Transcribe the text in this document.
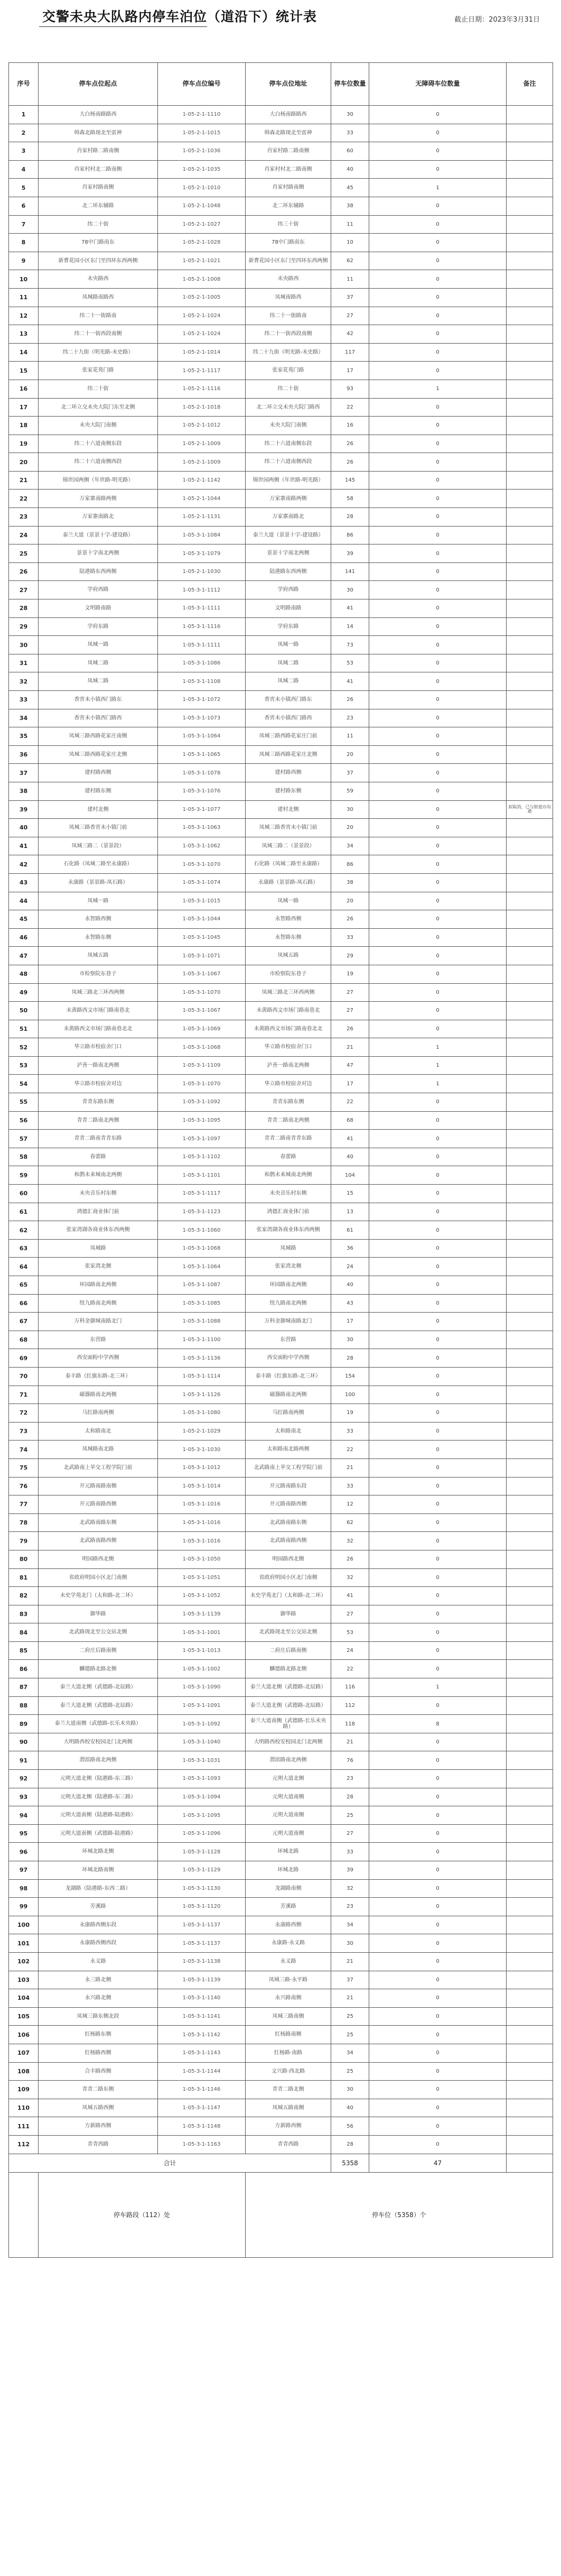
交警未央大队路内停车泊位（道沿下）统计表	截止日期：2023年3月31日
序号	停车点位起点	停车点位编号	停车点位地址	停车位数量	无障碍车位数量	备注
1	大白杨南路路西	1-05-2-1-1110	大白杨南路路西	30	0	
2	韩森北路现北至雷神	1-05-2-1-1015	韩森北路现北至雷神	33	0	
3	肖家村路二路南侧	1-05-2-1-1036	肖家村路二路南侧	60	0	
4	肖家村村北二路南侧	1-05-2-1-1035	肖家村村北二路南侧	40	0	
5	肖家村路南侧	1-05-2-1-1010	肖家村路南侧	45	1	
6	北二环东辅路	1-05-2-1-1048	北二环东辅路	38	0	
7	纬二十街	1-05-2-1-1027	纬三十街	11	0	
8	78中门路南东	1-05-2-1-1028	78中门路南东	10	0	
9	新曹花园小区东门至四环东西两侧	1-05-2-1-1021	新曹花园小区东门至四环东西两侧	62	0	
10	未央路西	1-05-2-1-1008	未央路西	11	0	
11	凤城路南路西	1-05-2-1-1005	凤城南路西	37	0	
12	纬二十一街路南	1-05-2-1-1024	纬二十一街路南	27	0	
13	纬二十一街西段南侧	1-05-2-1-1024	纬二十一街西段南侧	42	0	
14	纬二十九街（明光路-未史路）	1-05-2-1-1014	纬二十九街（明光路-未史路）	117	0	
15	张家花苑门路	1-05-2-1-1117	张家花苑门路	17	0	
16	纬二十街	1-05-2-1-1116	纬二十街	93	1	
17	北二环立交未央大院门东至北侧	1-05-2-1-1018	北二环立交未央大院门路西	22	0	
18	未央大院门南侧	1-05-2-1-1012	未央大院门南侧	16	0	
19	纬二十六道南侧东段	1-05-2-1-1009	纬二十六道南侧东段	26	0	
20	纬二十六道南侧西段	1-05-2-1-1009	纬二十六道南侧西段	26	0	
21	锦世园两侧（年世路-明光路）	1-05-2-1-1142	锦世园两侧（年世路-明光路）	145	0	
22	万家寨南路两侧	1-05-2-1-1044	万家寨南路两侧	58	0	
23	万家寨南路北	1-05-2-1-1131	万家寨南路北	28	0	
24	泰兰大道（景景十字-建设路）	1-05-3-1-1084	泰兰大道（景景十字-建设路）	86	0	
25	景景十字南北两侧	1-05-3-1-1079	景景十字南北两侧	39	0	
26	陆港路东西两侧	1-05-2-1-1030	陆港路东西两侧	141	0	
27	学府西路	1-05-3-1-1112	学府西路	30	0	
28	文明路南路	1-05-3-1-1111	文明路南路	41	0	
29	学府东路	1-05-3-1-1116	学府东路	14	0	
30	凤城一路	1-05-3-1-1111	凤城一路	73	0	
31	凤城二路	1-05-3-1-1086	凤城二路	53	0	
32	凤城二路	1-05-3-1-1108	凤城二路	41	0	
33	香宵未小镇西门路东	1-05-3-1-1072	香宵未小镇西门路东	26	0	
34	香宵未小镇西门路西	1-05-3-1-1073	香宵未小镇西门路西	23	0	
35	凤城三路西路花家庄南侧	1-05-3-1-1064	凤城三路西路花家庄门前	11	0	
36	凤城三路西路花家庄北侧	1-05-3-1-1065	凤城三路西路花家庄北侧	20	0	
37	建村路西侧	1-05-3-1-1078	建村路西侧	37	0	
38	建村路东侧	1-05-3-1-1076	建村路东侧	59	0	
39	建村北侧	1-05-3-1-1077	建村北侧	30	0	拟取消，已与街道办沟通
40	凤城三路香宵未小镇门前	1-05-3-1-1063	凤城三路香宵未小镇门前	20	0	
41	凤城三路二（景景段）	1-05-3-1-1062	凤城三路二（景景段）	34	0	
42	石化路（凤城二路至永康路）	1-05-3-1-1070	石化路（凤城二路至永康路）	86	0	
43	永康路（景景路-凤石路）	1-05-3-1-1074	永康路（景景路-凤石路）	38	0	
44	凤城一路	1-05-3-1-1015	凤城一路	20	0	
45	永智路西侧	1-05-3-1-1044	永智路西侧	26	0	
46	永智路东侧	1-05-3-1-1045	永智路东侧	33	0	
47	凤城五路	1-05-3-1-1071	凤城五路	29	0	
48	市检察院东巷子	1-05-3-1-1067	市检察院东巷子	19	0	
49	凤城三路北三环西两侧	1-05-3-1-1070	凤城三路北三环西两侧	27	0	
50	未黄路西文市场门路南巷北	1-05-3-1-1067	未黄路西文市场门路南巷北	27	0	
51	未黄路西文市场门路南巷北北	1-05-3-1-1069	未黄路西文市场门路南巷北北	26	0	
52	华立路市校宿舍门口	1-05-3-1-1068	华立路市校宿舍门口	21	1	
53	泸善一路南北两侧	1-05-3-1-1109	泸善一路南北两侧	47	1	
54	华立路市校宿舍对边	1-05-3-1-1070	华立路市校宿舍对边	17	1	
55	青青东路东侧	1-05-3-1-1092	青青东路东侧	22	0	
56	青青二路南北两侧	1-05-3-1-1095	青青二路南北两侧	68	0	
57	青青二路南青青东路	1-05-3-1-1097	青青二路南青青东路	41	0	
58	春蕾路	1-05-3-1-1102	春蕾路	40	0	
59	和鹊未来城南北两侧	1-05-3-1-1101	和鹊未来城南北两侧	104	0	
60	未央音乐村东侧	1-05-3-1-1117	未央音乐村东侧	15	0	
61	鸿德汇商业体门前	1-05-3-1-1123	鸿德汇商业体门前	13	0	
62	张家湾湖各商业体东西两侧	1-05-3-1-1060	张家湾湖各商业体东西两侧	61	0	
63	凤城路	1-05-3-1-1068	凤城路	36	0	
64	张家湾北侧	1-05-3-1-1064	张家湾北侧	24	0	
65	环园路南北两侧	1-05-3-1-1087	环园路南北两侧	40	0	
66	纽九路南北两侧	1-05-3-1-1085	纽九路南北两侧	43	0	
67	万科金御城南路北门	1-05-3-1-1088	万科金御城南路北门	17	0	
68	东营路	1-05-3-1-1100	东营路	30	0	
69	西安面粉中学西侧	1-05-3-1-1136	西安面粉中学西侧	28	0	
70	泰丰路（红旗东路-北三环）	1-05-3-1-1114	泰丰路（红旗东路-北三环）	154	0	
71	磁器路南北两侧	1-05-3-1-1126	磁器路南北两侧	100	0	
72	马红路南两侧	1-05-3-1-1080	马红路南两侧	19	0	
73	太和路南北	1-05-2-1-1029	太和路南北	33	0	
74	凤城路南北路	1-05-3-1-1030	太和路南北路两侧	22	0	
75	北武路南上苹交工程学院门前	1-05-3-1-1012	北武路南上苹交工程学院门前	21	0	
76	开元路南路南侧	1-05-3-1-1014	开元路南路东段	33	0	
77	开元路南路西侧	1-05-3-1-1016	开元路南路西侧	12	0	
78	北武路南路东侧	1-05-3-1-1016	北武路南路东侧	62	0	
79	北武路南路西侧	1-05-3-1-1016	北武路南路西侧	32	0	
80	明园路西北侧	1-05-3-1-1050	明园路西北侧	26	0	
81	省政府明园小区北门南侧	1-05-3-1-1051	省政府明园小区北门南侧	32	0	
82	未史学苑北门（太和路-北二环）	1-05-3-1-1052	未史学苑北门（太和路-北二环）	41	0	
83	御华路	1-05-3-1-1139	御华路	27	0	
84	北武路现北至公交站北侧	1-05-3-1-1001	北武路现北至公交站北侧	53	0	
85	二府庄后路南侧	1-05-3-1-1013	二府庄后路南侧	24	0	
86	麟德路北路北侧	1-05-3-1-1002	麟德路北路北侧	22	0	
87	泰兰大道北侧（武德路-北辰路）	1-05-3-1-1090	泰兰大道北侧（武德路-北辰路）	116	1	
88	泰兰大道北侧（武德路-北辰路）	1-05-3-1-1091	泰兰大道北侧（武德路-北辰路）	112	0	
89	泰兰大道南侧（武德路-长乐未央路）	1-05-3-1-1092	泰兰大道南侧（武德路-长乐未央路）	118	8	
90	大明路西校安校园北门北两侧	1-05-3-1-1040	大明路西校安校园北门北两侧	21	0	
91	渭滨路南北两侧	1-05-3-1-1031	渭滨路南北两侧	76	0	
92	元朔大道北侧（陆港路-东三路）	1-05-3-1-1093	元朔大道北侧	23	0	
93	元朔大道北侧（陆港路-东三路）	1-05-3-1-1094	元朔大道南侧	28	0	
94	元朔大道南侧（陆港路-陆港路）	1-05-3-1-1095	元朔大道南侧	25	0	
95	元朔大道南侧（武德路-陆港路）	1-05-3-1-1096	元朔大道南侧	27	0	
96	环城北路北侧	1-05-3-1-1128	环城北路	33	0	
97	环城北路南侧	1-05-3-1-1129	环城北路	39	0	
98	龙湖路（陆港路-东西二路）	1-05-3-1-1130	龙湖路南侧	32	0	
99	芳溪路	1-05-3-1-1120	芳溪路	23	0	
100	永康路西侧东段	1-05-3-1-1137	永康路西侧	34	0	
101	永康路西侧西段	1-05-3-1-1137	永康路·永义路	30	0	
102	永义路	1-05-3-1-1138	永义路	21	0	
103	永三路北侧	1-05-3-1-1139	凤城三路·永平路	37	0	
104	永兴路北侧	1-05-3-1-1140	永兴路南侧	21	0	
105	凤城三路东侧北段	1-05-3-1-1141	凤城三路南侧	25	0	
106	红杨路东侧	1-05-3-1-1142	红杨路南侧	25	0	
107	红杨路西侧	1-05-3-1-1143	红杨路·南路	34	0	
108	合丰路西侧	1-05-3-1-1144	文兴路·西北路	25	0	
109	青青二路东侧	1-05-3-1-1146	青青二路北侧	30	0	
110	凤城五路西侧	1-05-3-1-1147	凤城五路南侧	40	0	
111	方新路西侧	1-05-3-1-1148	方新路西侧	56	0	
112	青青西路	1-05-3-1-1163	青青西路	28	0	
合计				5358	47	
	停车路段（112）处		停车位（5358）个			
